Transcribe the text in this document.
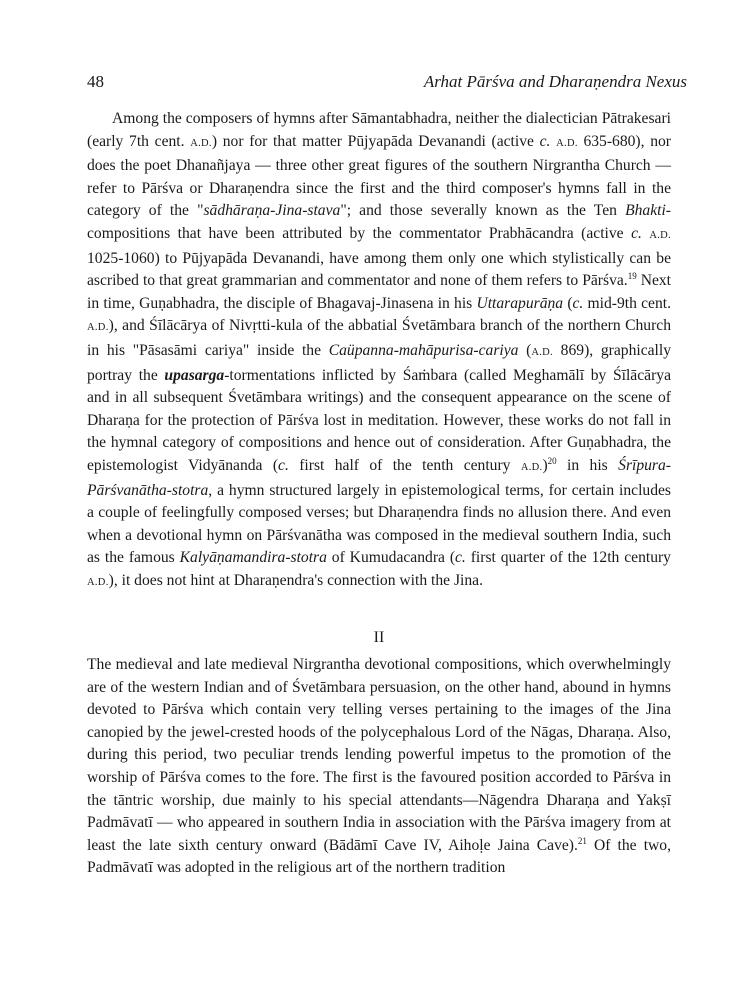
48	Arhat Pārśva and Dharaṇendra Nexus

Among the composers of hymns after Sāmantabhadra, neither the dialectician Pātrakesari (early 7th cent. A.D.) nor for that matter Pūjyapāda Devanandi (active c. A.D. 635-680), nor does the poet Dhanañjaya — three other great figures of the southern Nirgrantha Church — refer to Pārśva or Dharaṇendra since the first and the third composer's hymns fall in the category of the "sādhāraṇa-Jina-stava"; and those severally known as the Ten Bhakti-compositions that have been attributed by the commentator Prabhācandra (active c. A.D. 1025-1060) to Pūjyapāda Devanandi, have among them only one which stylistically can be ascribed to that great grammarian and commentator and none of them refers to Pārśva.$^{19}$ Next in time, Guṇabhadra, the disciple of Bhagavaj-Jinasena in his Uttarapurāṇa (c. mid-9th cent. A.D.), and Śīlācārya of Nivṛtti-kula of the abbatial Śvetāmbara branch of the northern Church in his "Pāsasāmi cariya" inside the Caüpanna-mahāpurisa-cariya (A.D. 869), graphically portray the upasarga-tormentations inflicted by Śaṁbara (called Meghamālī by Śīlācārya and in all subsequent Śvetāmbara writings) and the consequent appearance on the scene of Dharaṇa for the protection of Pārśva lost in meditation. However, these works do not fall in the hymnal category of compositions and hence out of consideration. After Guṇabhadra, the epistemologist Vidyānanda (c. first half of the tenth century A.D.)$^{20}$ in his Śrīpura-Pārśvanātha-stotra, a hymn structured largely in epistemological terms, for certain includes a couple of feelingfully composed verses; but Dharaṇendra finds no allusion there. And even when a devotional hymn on Pārśvanātha was composed in the medieval southern India, such as the famous Kalyāṇamandira-stotra of Kumudacandra (c. first quarter of the 12th century A.D.), it does not hint at Dharaṇendra's connection with the Jina.

II

The medieval and late medieval Nirgrantha devotional compositions, which overwhelmingly are of the western Indian and of Śvetāmbara persuasion, on the other hand, abound in hymns devoted to Pārśva which contain very telling verses pertaining to the images of the Jina canopied by the jewel-crested hoods of the polycephalous Lord of the Nāgas, Dharaṇa. Also, during this period, two peculiar trends lending powerful impetus to the promotion of the worship of Pārśva comes to the fore. The first is the favoured position accorded to Pārśva in the tāntric worship, due mainly to his special attendants—Nāgendra Dharaṇa and Yakṣī Padmāvatī — who appeared in southern India in association with the Pārśva imagery from at least the late sixth century onward (Bādāmī Cave IV, Aihoḷe Jaina Cave).$^{21}$ Of the two, Padmāvatī was adopted in the religious art of the northern tradition
